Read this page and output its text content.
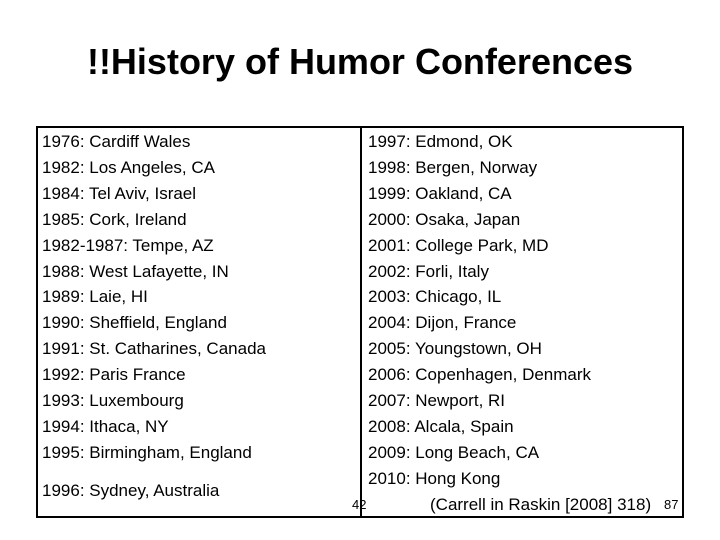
!!History of Humor Conferences
1976: Cardiff Wales
1982: Los Angeles, CA
1984: Tel Aviv, Israel
1985: Cork, Ireland
1982-1987: Tempe, AZ
1988: West Lafayette, IN
1989: Laie, HI
1990: Sheffield, England
1991: St. Catharines, Canada
1992: Paris France
1993: Luxembourg
1994: Ithaca, NY
1995: Birmingham, England
1996: Sydney, Australia
1997: Edmond, OK
1998: Bergen, Norway
1999: Oakland, CA
2000: Osaka, Japan
2001: College Park, MD
2002: Forli, Italy
2003: Chicago, IL
2004: Dijon, France
2005: Youngstown, OH
2006: Copenhagen, Denmark
2007: Newport, RI
2008: Alcala, Spain
2009: Long Beach, CA
2010: Hong Kong
(Carrell in Raskin [2008] 318)
42	87
